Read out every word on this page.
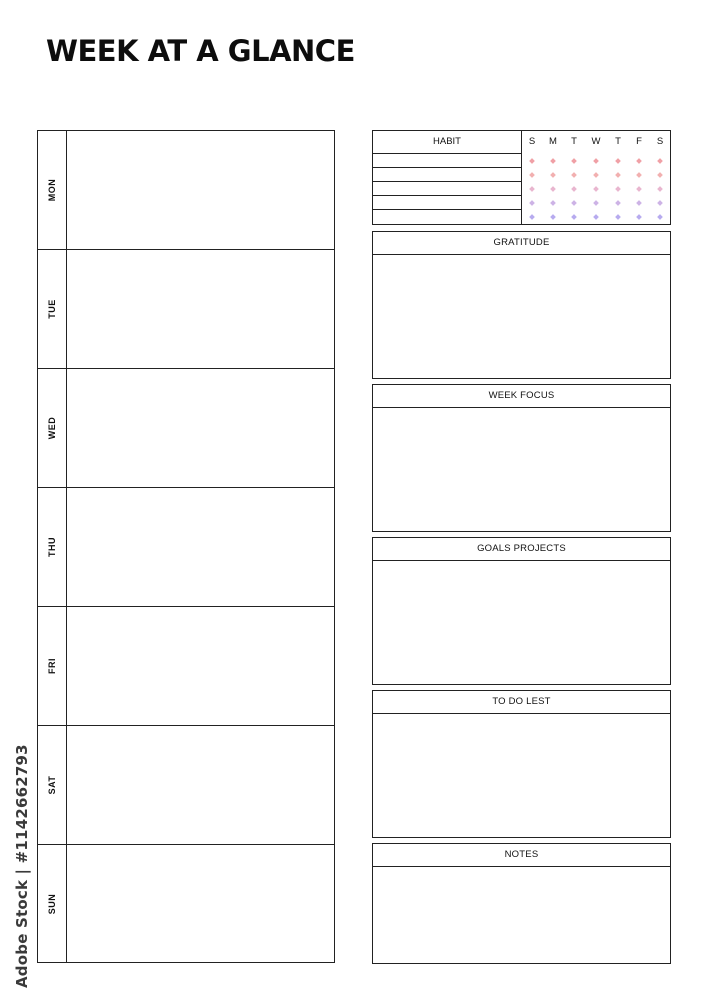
WEEK AT A GLANCE
MON
TUE
WED
THU
FRI
SAT
SUN
HABIT	S	M	T	W	T	F	S
GRATITUDE
WEEK FOCUS
GOALS PROJECTS
TO DO LEST
NOTES
Adobe Stock | #1142662793
